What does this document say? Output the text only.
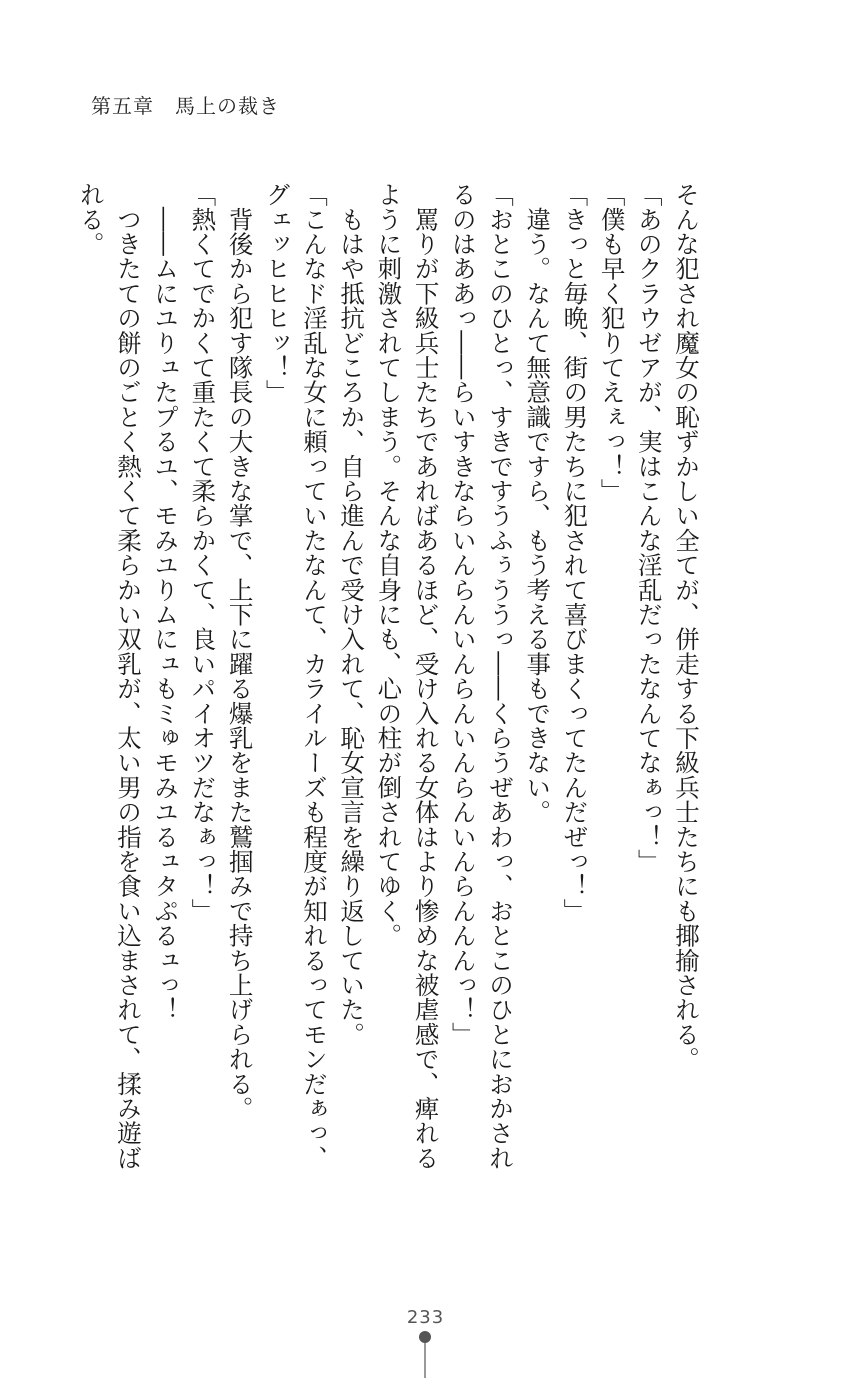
第五章　馬上の裁き

そんな犯され魔女の恥ずかしい全てが、併走する下級兵士たちにも揶揄される。

「あのクラウゼアが、実はこんな淫乱だったなんてなぁっ！」

「僕も早く犯りてえぇっ！」

「きっと毎晩、街の男たちに犯されて喜びまくってたんだぜっ！」

　違う。なんて無意識ですら、もう考える事もできない。

「おとこのひとっ、すきですうふぅううっ――くらうぜあわっ、おとこのひとにおかされ

るのはああっ――らいすきならいんらんいんらんいんらんいんらんんんっ！」

　罵りが下級兵士たちであればあるほど、受け入れる女体はより惨めな被虐感で、痺れる

ように刺激されてしまう。そんな自身にも、心の柱が倒されてゆく。

　もはや抵抗どころか、自ら進んで受け入れて、恥女宣言を繰り返していた。

「こんなド淫乱な女に頼っていたなんて、カライルーズも程度が知れるってモンだぁっ、

グェッヒヒヒッ！」

　背後から犯す隊長の大きな掌で、上下に躍る爆乳をまた鷲掴みで持ち上げられる。

「熱くてでかくて重たくて柔らかくて、良いパイオツだなぁっ！」

　――ムにユりュたプるユ、モみユりムにュもミゅモみユるュタぷるュっ！

　つきたての餅のごとく熱くて柔らかい双乳が、太い男の指を食い込まされて、揉み遊ば

れる。

233
